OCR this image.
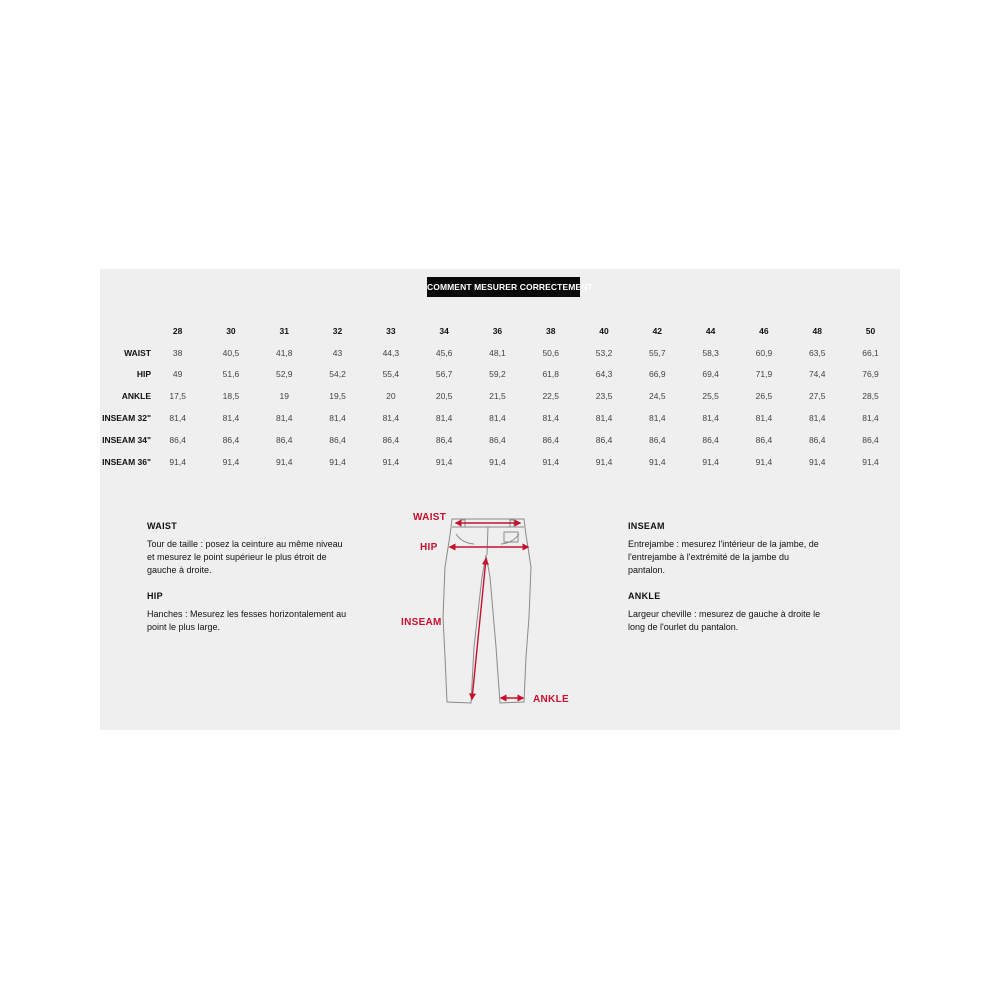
COMMENT MESURER CORRECTEMENT
	28	30	31	32	33	34	36	38	40	42	44	46	48	50
WAIST	38	40,5	41,8	43	44,3	45,6	48,1	50,6	53,2	55,7	58,3	60,9	63,5	66,1
HIP	49	51,6	52,9	54,2	55,4	56,7	59,2	61,8	64,3	66,9	69,4	71,9	74,4	76,9
ANKLE	17,5	18,5	19	19,5	20	20,5	21,5	22,5	23,5	24,5	25,5	26,5	27,5	28,5
INSEAM 32"	81,4	81,4	81,4	81,4	81,4	81,4	81,4	81,4	81,4	81,4	81,4	81,4	81,4	81,4
INSEAM 34"	86,4	86,4	86,4	86,4	86,4	86,4	86,4	86,4	86,4	86,4	86,4	86,4	86,4	86,4
INSEAM 36"	91,4	91,4	91,4	91,4	91,4	91,4	91,4	91,4	91,4	91,4	91,4	91,4	91,4	91,4
WAIST

Tour de taille : posez la ceinture au même niveau et mesurez le point supérieur le plus étroit de gauche à droite.

HIP

Hanches : Mesurez les fesses horizontalement au point le plus large.

INSEAM

Entrejambe : mesurez l'intérieur de la jambe, de l'entrejambe à l'extrémité de la jambe du pantalon.

ANKLE

Largeur cheville : mesurez de gauche à droite le long de l'ourlet du pantalon.

WAIST
HIP
INSEAM
ANKLE
